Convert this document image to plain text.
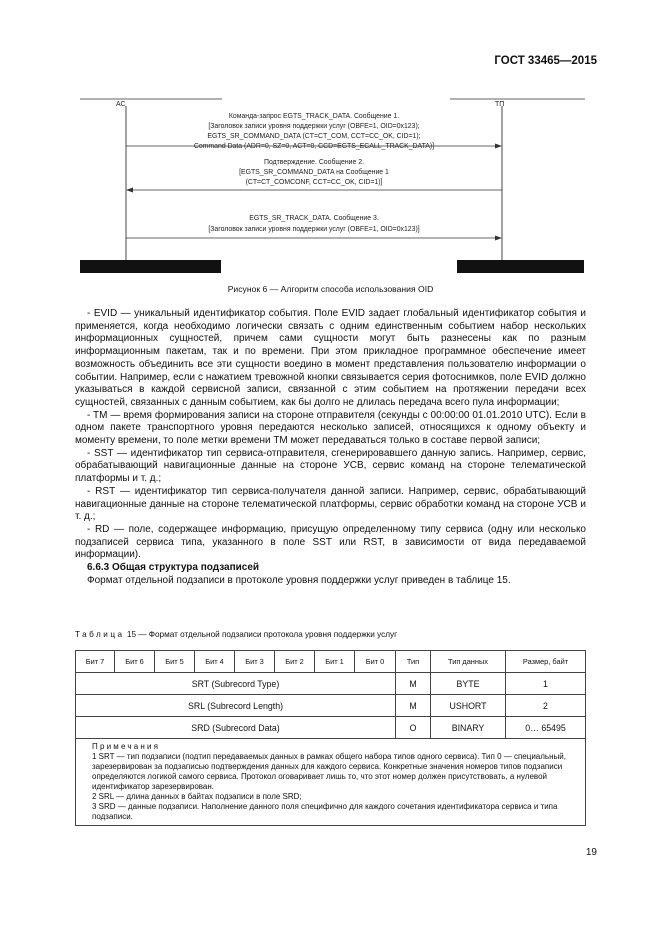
ГОСТ 33465—2015
АС	ТП
Команда-запрос EGTS_TRACK_DATA. Сообщение 1.
[Заголовок записи уровня поддержки услуг (OBFE=1, OID=0x123);
EGTS_SR_COMMAND_DATA (CT=CT_COM, CCT=CC_OK, CID=1);
Command Data (ADR=0, SZ=0, ACT=0, CCD=EGTS_ECALL_TRACK_DATA)]
Подтверждение. Сообщение 2.
[EGTS_SR_COMMAND_DATA на Сообщение 1
(CT=CT_COMCONF, CCT=CC_OK, CID=1)]
EGTS_SR_TRACK_DATA. Сообщение 3.
[Заголовок записи уровня поддержки услуг (OBFE=1, OID=0x123)]
Рисунок 6 — Алгоритм способа использования OID

- EVID — уникальный идентификатор события. Поле EVID задает глобальный идентификатор события и применяется, когда необходимо логически связать с одним единственным событием набор нескольких информационных сущностей, причем сами сущности могут быть разнесены как по разным информационным пакетам, так и по времени. При этом прикладное программное обеспечение имеет возможность объединить все эти сущности воедино в момент представления пользователю информации о событии. Например, если с нажатием тревожной кнопки связывается серия фотоснимков, поле EVID должно указываться в каждой сервисной записи, связанной с этим событием на протяжении передачи всех сущностей, связанных с данным событием, как бы долго не длилась передача всего пула информации;

- TM — время формирования записи на стороне отправителя (секунды с 00:00:00 01.01.2010 UTC). Если в одном пакете транспортного уровня передаются несколько записей, относящихся к одному объекту и моменту времени, то поле метки времени TM может передаваться только в составе первой записи;

- SST — идентификатор тип сервиса-отправителя, сгенерировавшего данную запись. Например, сервис, обрабатывающий навигационные данные на стороне УСВ, сервис команд на стороне телематической платформы и т. д.;

- RST — идентификатор тип сервиса-получателя данной записи. Например, сервис, обрабатывающий навигационные данные на стороне телематической платформы, сервис обработки команд на стороне УСВ и т. д.;

- RD — поле, содержащее информацию, присущую определенному типу сервиса (одну или несколько подзаписей сервиса типа, указанного в поле SST или RST, в зависимости от вида передаваемой информации).

6.6.3 Общая структура подзаписей

Формат отдельной подзаписи в протоколе уровня поддержки услуг приведен в таблице 15.

Таблица 15 — Формат отдельной подзаписи протокола уровня поддержки услуг
Бит 7	Бит 6	Бит 5	Бит 4	Бит 3	Бит 2	Бит 1	Бит 0	Тип	Тип данных	Размер, байт
SRT (Subrecord Type)								M	BYTE	1
SRL (Subrecord Length)								M	USHORT	2
SRD (Subrecord Data)								O	BINARY	0… 65495

Примечания
1 SRT — тип подзаписи (подтип передаваемых данных в рамках общего набора типов одного сервиса). Тип 0 — специальный, зарезервирован за подзаписью подтверждения данных для каждого сервиса. Конкретные значения номеров типов подзаписи определяются логикой самого сервиса. Протокол оговаривает лишь то, что этот номер должен присутствовать, а нулевой идентификатор зарезервирован.
2 SRL — длина данных в байтах подзаписи в поле SRD;
3 SRD — данные подзаписи. Наполнение данного поля специфично для каждого сочетания идентификатора сервиса и типа подзаписи.										
19
